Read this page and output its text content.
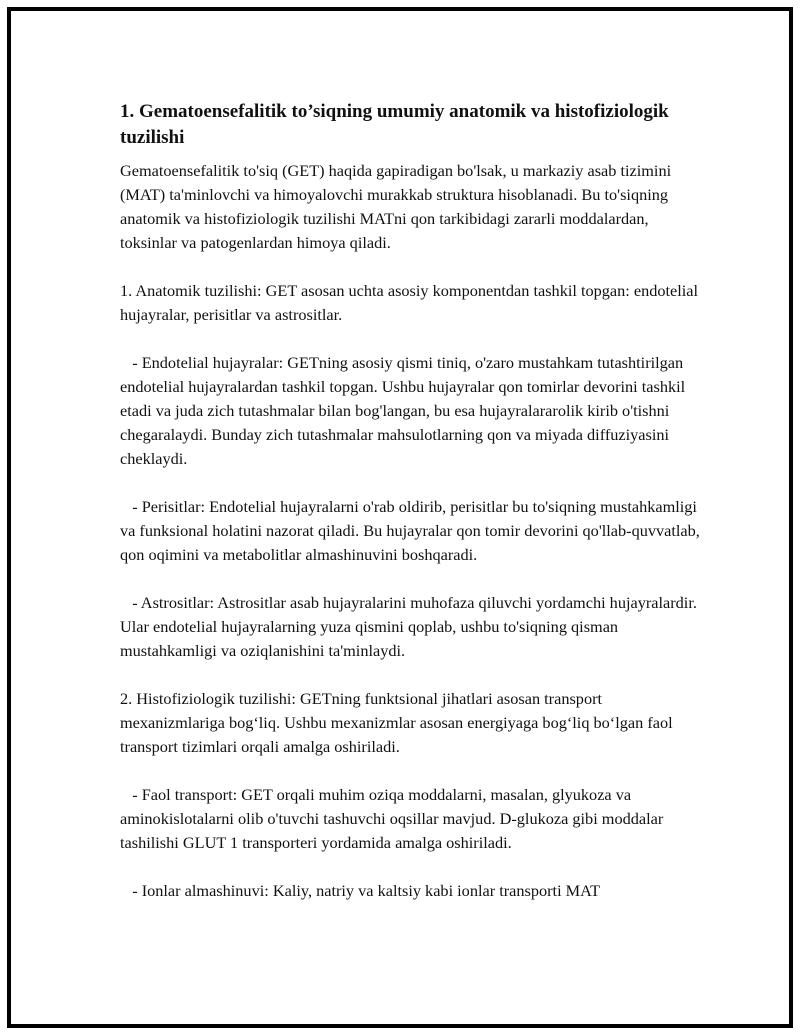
1. Gematoensefalitik to’siqning umumiy anatomik va histofiziologik tuzilishi

Gematoensefalitik to'siq (GET) haqida gapiradigan bo'lsak, u markaziy asab tizimini (MAT) ta'minlovchi va himoyalovchi murakkab struktura hisoblanadi. Bu to'siqning anatomik va histofiziologik tuzilishi MATni qon tarkibidagi zararli moddalardan, toksinlar va patogenlardan himoya qiladi.

1. Anatomik tuzilishi: GET asosan uchta asosiy komponentdan tashkil topgan: endotelial hujayralar, perisitlar va astrositlar.

- Endotelial hujayralar: GETning asosiy qismi tiniq, o'zaro mustahkam tutashtirilgan endotelial hujayralardan tashkil topgan. Ushbu hujayralar qon tomirlar devorini tashkil etadi va juda zich tutashmalar bilan bog'langan, bu esa hujayralararolik kirib o'tishni chegaralaydi. Bunday zich tutashmalar mahsulotlarning qon va miyada diffuziyasini cheklaydi.

- Perisitlar: Endotelial hujayralarni o'rab oldirib, perisitlar bu to'siqning mustahkamligi va funksional holatini nazorat qiladi. Bu hujayralar qon tomir devorini qo'llab-quvvatlab, qon oqimini va metabolitlar almashinuvini boshqaradi.

- Astrositlar: Astrositlar asab hujayralarini muhofaza qiluvchi yordamchi hujayralardir. Ular endotelial hujayralarning yuza qismini qoplab, ushbu to'siqning qisman mustahkamligi va oziqlanishini ta'minlaydi.

2. Histofiziologik tuzilishi: GETning funktsional jihatlari asosan transport mexanizmlariga bog‘liq. Ushbu mexanizmlar asosan energiyaga bog‘liq bo‘lgan faol transport tizimlari orqali amalga oshiriladi.

- Faol transport: GET orqali muhim oziqa moddalarni, masalan, glyukoza va aminokislotalarni olib o'tuvchi tashuvchi oqsillar mavjud. D-glukoza gibi moddalar tashilishi GLUT 1 transporteri yordamida amalga oshiriladi.

- Ionlar almashinuvi: Kaliy, natriy va kaltsiy kabi ionlar transporti MAT
